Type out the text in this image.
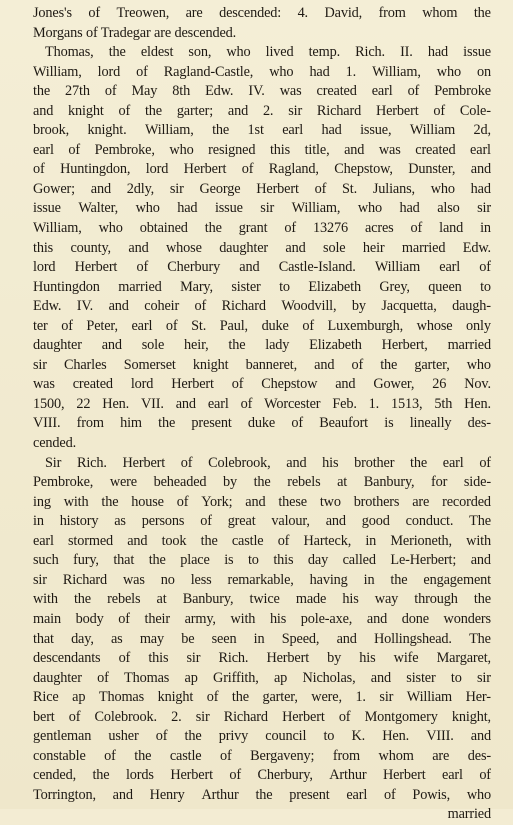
Jones's of Treowen, are descended: 4. David, from whom the
Morgans of Tradegar are descended.
Thomas, the eldest son, who lived temp. Rich. II. had issue
William, lord of Ragland-Castle, who had 1. William, who on
the 27th of May 8th Edw. IV. was created earl of Pembroke
and knight of the garter; and 2. sir Richard Herbert of Cole-
brook, knight. William, the 1st earl had issue, William 2d,
earl of Pembroke, who resigned this title, and was created earl
of Huntingdon, lord Herbert of Ragland, Chepstow, Dunster, and
Gower; and 2dly, sir George Herbert of St. Julians, who had
issue Walter, who had issue sir William, who had also sir
William, who obtained the grant of 13276 acres of land in
this county, and whose daughter and sole heir married Edw.
lord Herbert of Cherbury and Castle-Island. William earl of
Huntingdon married Mary, sister to Elizabeth Grey, queen to
Edw. IV. and coheir of Richard Woodvill, by Jacquetta, daugh-
ter of Peter, earl of St. Paul, duke of Luxemburgh, whose only
daughter and sole heir, the lady Elizabeth Herbert, married
sir Charles Somerset knight banneret, and of the garter, who
was created lord Herbert of Chepstow and Gower, 26 Nov.
1500, 22 Hen. VII. and earl of Worcester Feb. 1. 1513, 5th Hen.
VIII. from him the present duke of Beaufort is lineally des-
cended.
Sir Rich. Herbert of Colebrook, and his brother the earl of
Pembroke, were beheaded by the rebels at Banbury, for side-
ing with the house of York; and these two brothers are recorded
in history as persons of great valour, and good conduct. The
earl stormed and took the castle of Harteck, in Merioneth, with
such fury, that the place is to this day called Le-Herbert; and
sir Richard was no less remarkable, having in the engagement
with the rebels at Banbury, twice made his way through the
main body of their army, with his pole-axe, and done wonders
that day, as may be seen in Speed, and Hollingshead. The
descendants of this sir Rich. Herbert by his wife Margaret,
daughter of Thomas ap Griffith, ap Nicholas, and sister to sir
Rice ap Thomas knight of the garter, were, 1. sir William Her-
bert of Colebrook. 2. sir Richard Herbert of Montgomery knight,
gentleman usher of the privy council to K. Hen. VIII. and
constable of the castle of Bergaveny; from whom are des-
cended, the lords Herbert of Cherbury, Arthur Herbert earl of
Torrington, and Henry Arthur the present earl of Powis, who
married
